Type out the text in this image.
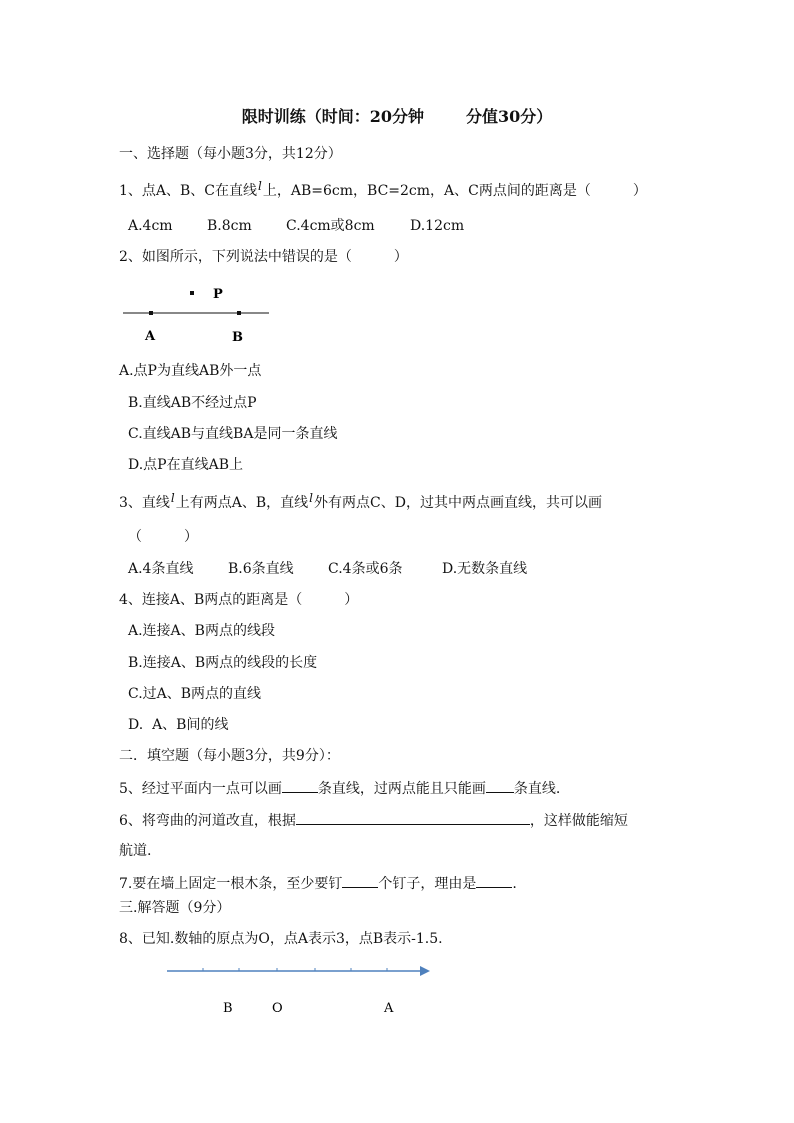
限时训练（时间：20分钟	分值30分）
一、选择题（每小题3分，共12分）
1、点A、B、C在直线l上，AB=6cm，BC=2cm，A、C两点间的距离是（　　　）
A.4cm B.8cm C.4cm或8cm	D.12cm
2、如图所示，下列说法中错误的是（　　　）
P
A	B
A.点P为直线AB外一点
B.直线AB不经过点P
C.直线AB与直线BA是同一条直线
D.点P在直线AB上
3、直线l上有两点A、B，直线l外有两点C、D，过其中两点画直线，共可以画
（　　　）
A.4条直线 B.6条直线 C.4条或6条	D.无数条直线
4、连接A、B两点的距离是（　　　）
A.连接A、B两点的线段
B.连接A、B两点的线段的长度
C.过A、B两点的直线
D.  A、B间的线
二．填空题（每小题3分，共9分）：
5、经过平面内一点可以画	条直线，过两点能且只能画 条直线.
6、将弯曲的河道改直，根据	，这样做能缩短
航道.
7.要在墙上固定一根木条，至少要钉	个钉子，理由是	.
三.解答题（9分）
8、已知.数轴的原点为O，点A表示3，点B表示-1.5.
B	O	A
